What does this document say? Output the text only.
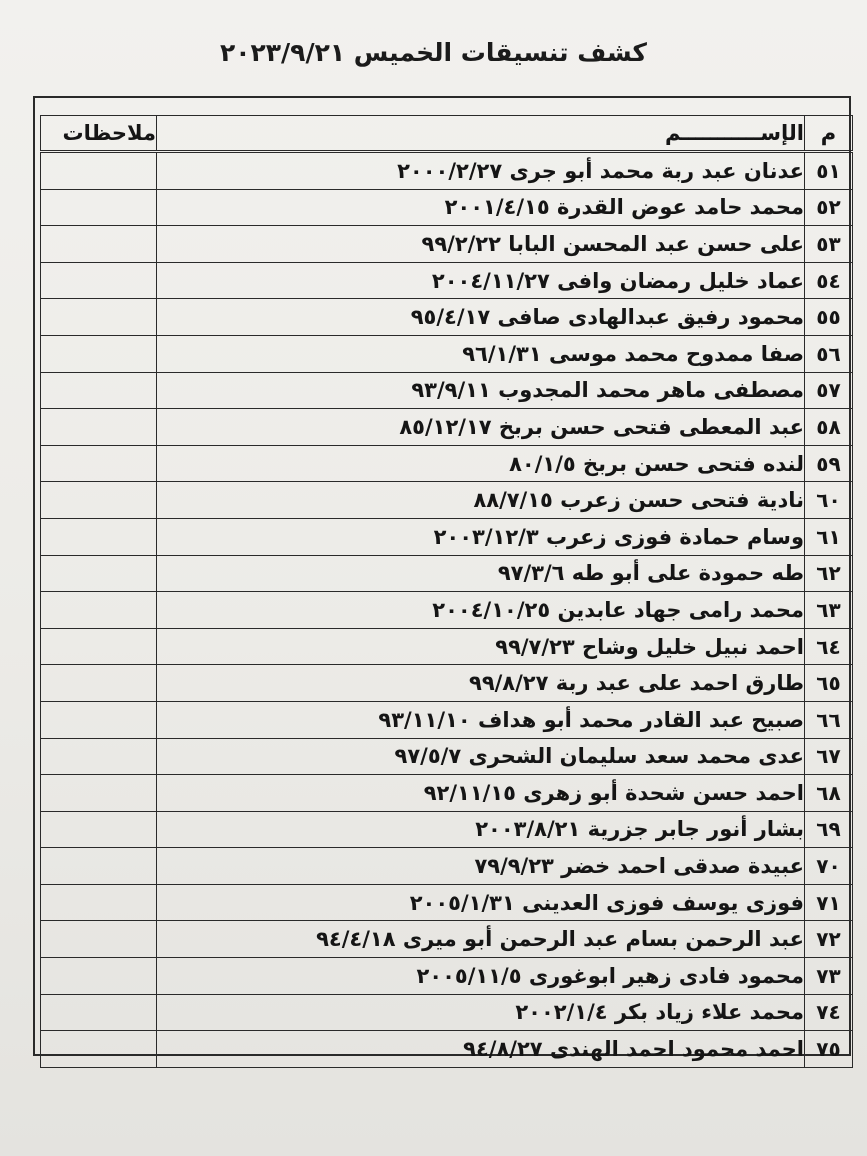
كشف تنسيقات الخميس ٢٠٢٣/٩/٢١
م	الإســـــــــــم	ملاحظات
٥١	عدنان عبد ربة محمد أبو جرى ٢٠٠٠/٢/٢٧	
٥٢	محمد حامد عوض القدرة ٢٠٠١/٤/١٥	
٥٣	على حسن عبد المحسن البابا ٩٩/٢/٢٢	
٥٤	عماد خليل رمضان وافى ٢٠٠٤/١١/٢٧	
٥٥	محمود رفيق عبدالهادى صافى ٩٥/٤/١٧	
٥٦	صفا ممدوح محمد موسى ٩٦/١/٣١	
٥٧	مصطفى ماهر محمد المجدوب ٩٣/٩/١١	
٥٨	عبد المعطى فتحى حسن بربخ ٨٥/١٢/١٧	
٥٩	لنده فتحى حسن بربخ ٨٠/١/٥	
٦٠	نادية فتحى حسن زعرب ٨٨/٧/١٥	
٦١	وسام حمادة فوزى زعرب ٢٠٠٣/١٢/٣	
٦٢	طه حمودة على أبو طه ٩٧/٣/٦	
٦٣	محمد رامى جهاد عابدين ٢٠٠٤/١٠/٢٥	
٦٤	احمد نبيل خليل وشاح ٩٩/٧/٢٣	
٦٥	طارق احمد على عبد ربة ٩٩/٨/٢٧	
٦٦	صبيح عبد القادر محمد أبو هداف ٩٣/١١/١٠	
٦٧	عدى محمد سعد سليمان الشحرى ٩٧/٥/٧	
٦٨	احمد حسن شحدة أبو زهرى ٩٢/١١/١٥	
٦٩	بشار أنور جابر جزرية ٢٠٠٣/٨/٢١	
٧٠	عبيدة صدقى احمد خضر ٧٩/٩/٢٣	
٧١	فوزى يوسف فوزى العدينى ٢٠٠٥/١/٣١	
٧٢	عبد الرحمن بسام عبد الرحمن أبو ميرى ٩٤/٤/١٨	
٧٣	محمود فادى زهير ابوغورى ٢٠٠٥/١١/٥	
٧٤	محمد علاء زياد بكر ٢٠٠٢/١/٤	
٧٥	احمد محمود احمد الهندى ٩٤/٨/٢٧	
